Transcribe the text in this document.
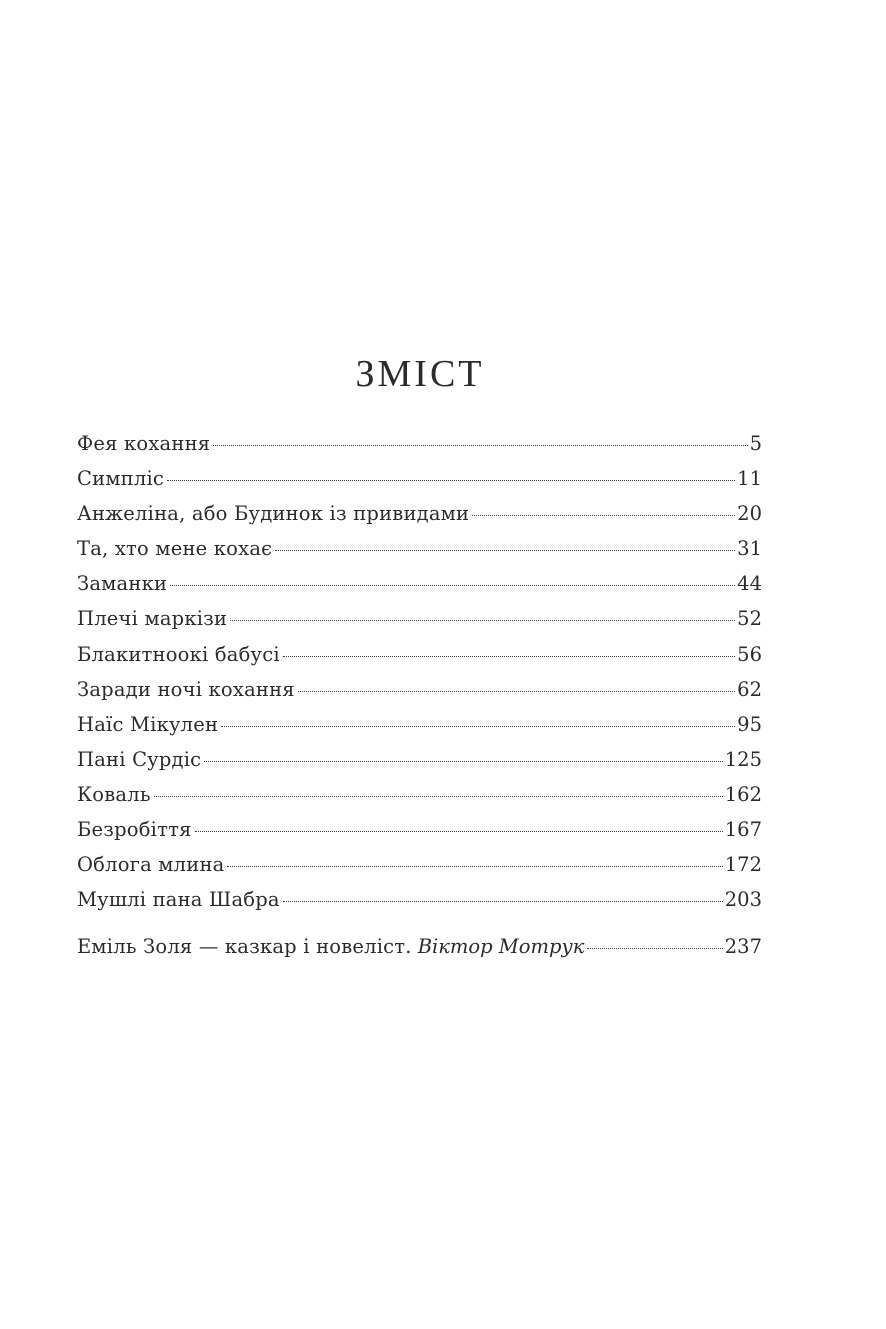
ЗМІСТ
Фея кохання	5
Симпліс	11
Анжеліна, або Будинок із привидами	20
Та, хто мене кохає	31
Заманки	44
Плечі маркізи	52
Блакитноокі бабусі	56
Заради ночі кохання	62
Наїс Мікулен	95
Пані Сурдіс	125
Коваль	162
Безробіття	167
Облога млина	172
Мушлі пана Шабра	203
Еміль Золя — казкар і новеліст. Віктор Мотрук	237
